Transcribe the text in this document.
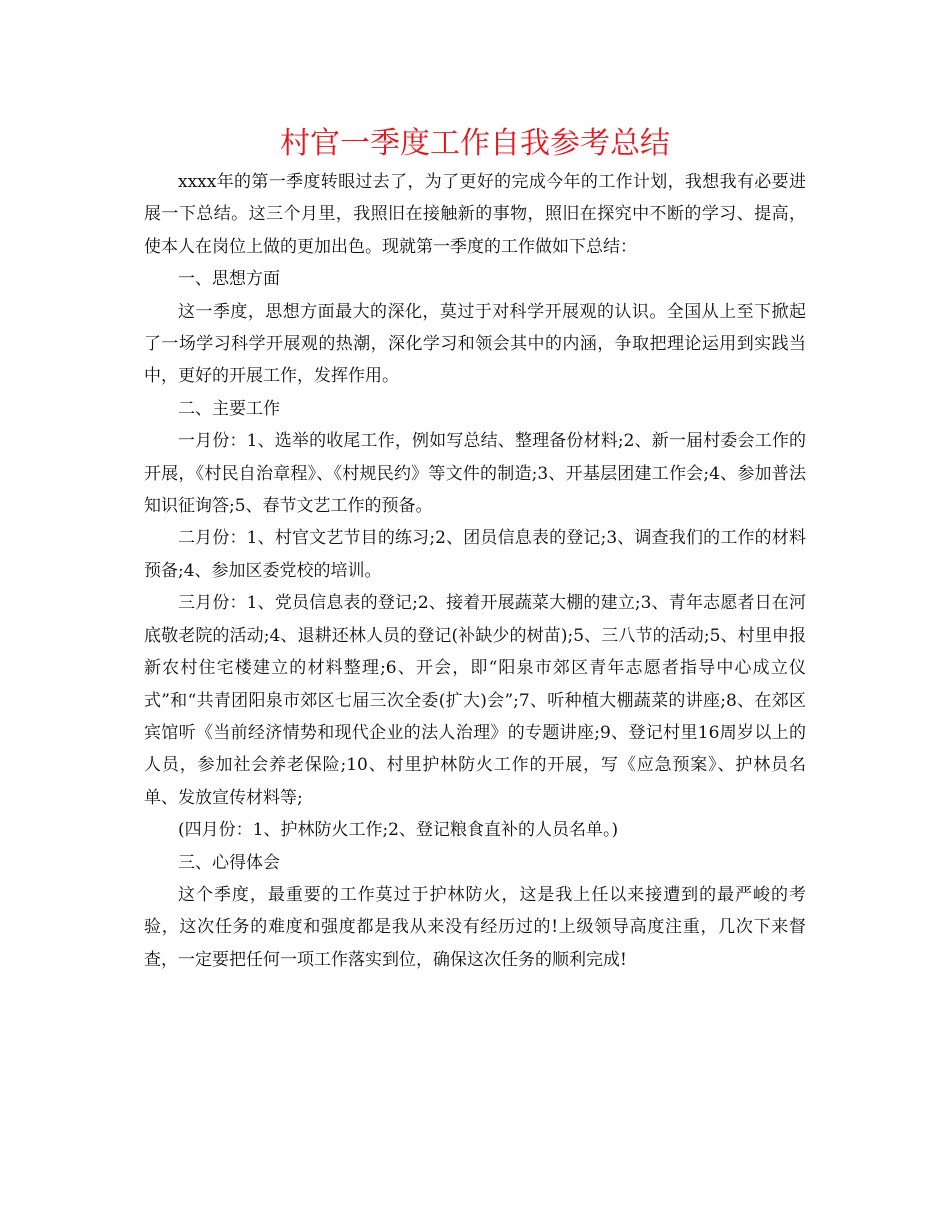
村官一季度工作自我参考总结

xxxx年的第一季度转眼过去了，为了更好的完成今年的工作计划，我想我有必要进展一下总结。这三个月里，我照旧在接触新的事物，照旧在探究中不断的学习、提高，使本人在岗位上做的更加出色。现就第一季度的工作做如下总结：

一、思想方面

这一季度，思想方面最大的深化，莫过于对科学开展观的认识。全国从上至下掀起了一场学习科学开展观的热潮，深化学习和领会其中的内涵，争取把理论运用到实践当中，更好的开展工作，发挥作用。

二、主要工作

一月份：1、选举的收尾工作，例如写总结、整理备份材料;2、新一届村委会工作的开展，《村民自治章程》、《村规民约》等文件的制造;3、开基层团建工作会;4、参加普法知识征询答;5、春节文艺工作的预备。

二月份：1、村官文艺节目的练习;2、团员信息表的登记;3、调查我们的工作的材料预备;4、参加区委党校的培训。

三月份：1、党员信息表的登记;2、接着开展蔬菜大棚的建立;3、青年志愿者日在河底敬老院的活动;4、退耕还林人员的登记(补缺少的树苗);5、三八节的活动;5、村里申报新农村住宅楼建立的材料整理;6、开会，即“阳泉市郊区青年志愿者指导中心成立仪式”和“共青团阳泉市郊区七届三次全委(扩大)会”;7、听种植大棚蔬菜的讲座;8、在郊区宾馆听《当前经济情势和现代企业的法人治理》的专题讲座;9、登记村里16周岁以上的人员，参加社会养老保险;10、村里护林防火工作的开展，写《应急预案》、护林员名单、发放宣传材料等;

(四月份：1、护林防火工作;2、登记粮食直补的人员名单。)

三、心得体会

这个季度，最重要的工作莫过于护林防火，这是我上任以来接遭到的最严峻的考验，这次任务的难度和强度都是我从来没有经历过的!上级领导高度注重，几次下来督查，一定要把任何一项工作落实到位，确保这次任务的顺利完成!
